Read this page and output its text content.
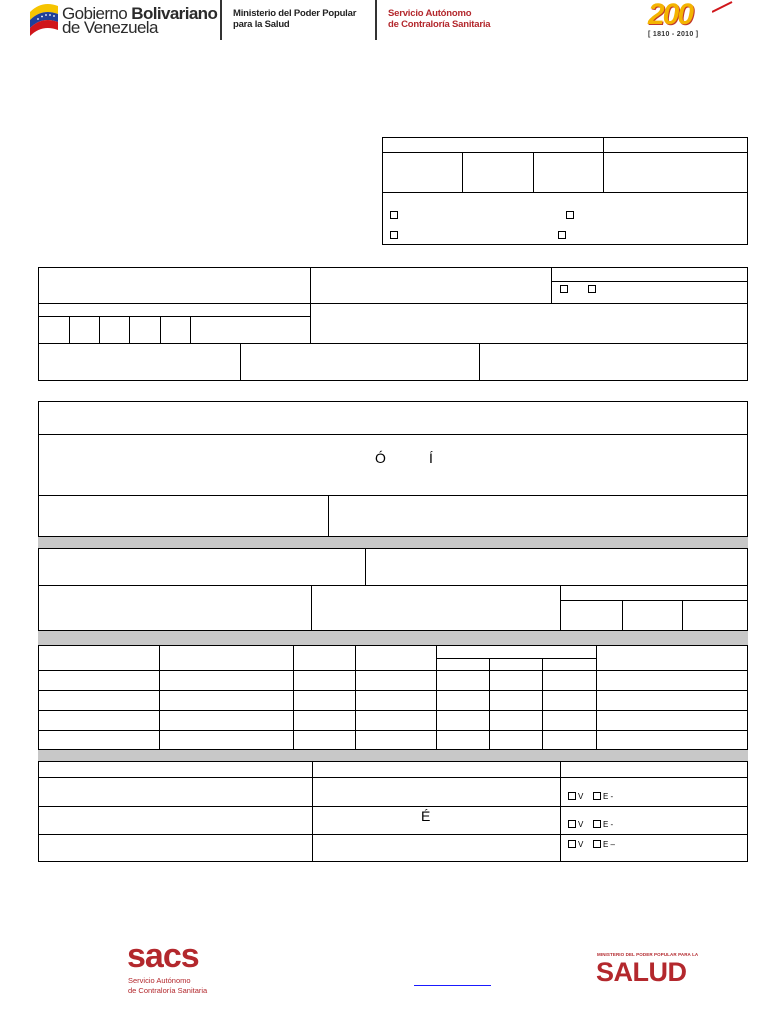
Gobierno Bolivariano
de Venezuela
Ministerio del Poder Popular
para la Salud
Servicio Autónomo
de Contraloría Sanitaria	200
[ 1810 - 2010 ]
Ó	Í
É
V E -
V E -
V E –
sacs
Servicio Autónomo
de Contraloría Sanitaria
MINISTERIO DEL PODER POPULAR PARA LA
SALUD
